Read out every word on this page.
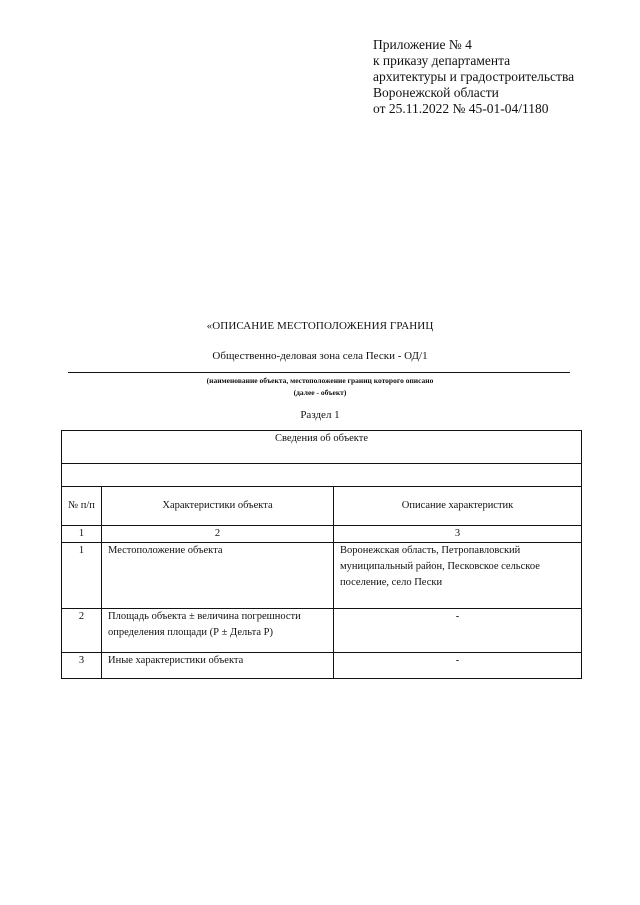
Приложение № 4
к приказу департамента
архитектуры и градостроительства
Воронежской области
от 25.11.2022 № 45-01-04/1180
«ОПИСАНИЕ МЕСТОПОЛОЖЕНИЯ ГРАНИЦ
Общественно-деловая зона села Пески - ОД/1
(наименование объекта, местоположение границ которого описано
(далее - объект)
Раздел 1
Сведения об объекте		

№ п/п	Характеристики объекта	Описание характеристик
1	2	3
1	Местоположение объекта	Воронежская область, Петропавловский муниципальный район, Песковское сельское поселение, село Пески
2	Площадь объекта ± величина погрешности определения площади (Р ± Дельта Р)	-
3	Иные характеристики объекта	-
